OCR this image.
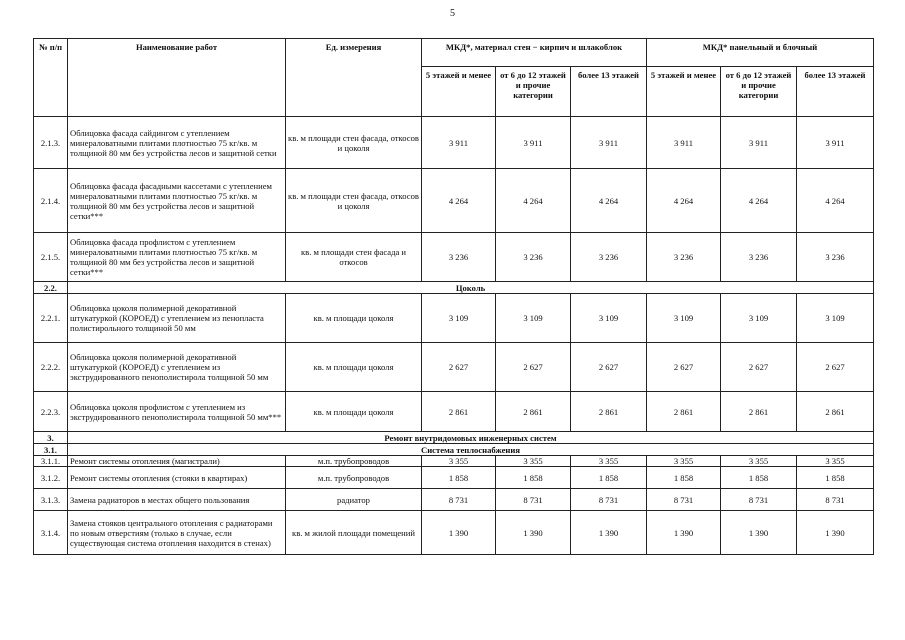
5
№ п/п	Наименование работ	Ед. измерения	МКД*, материал стен − кирпич и шлакоблок			МКД* панельный и блочный		
			5 этажей и менее	от 6 до 12 этажей и прочие категории	более 13 этажей	5 этажей и менее	от 6 до 12 этажей и прочие категории	более 13 этажей
2.1.3.	Облицовка фасада сайдингом с утеплением минераловатными плитами плотностью 75 кг/кв. м толщиной 80 мм без устройства лесов и защитной сетки	кв. м площади стен фасада, откосов и цоколя	3 911	3 911	3 911	3 911	3 911	3 911
2.1.4.	Облицовка фасада фасадными кассетами с утеплением минераловатными плитами плотностью 75 кг/кв. м толщиной 80 мм без устройства лесов и защитной сетки***	кв. м площади стен фасада, откосов и цоколя	4 264	4 264	4 264	4 264	4 264	4 264
2.1.5.	Облицовка фасада профлистом с утеплением минераловатными плитами плотностью 75 кг/кв. м толщиной 80 мм без устройства лесов и защитной сетки***	кв. м площади стен фасада и откосов	3 236	3 236	3 236	3 236	3 236	3 236
2.2.	Цоколь							
2.2.1.	Облицовка цоколя полимерной декоративной штукатуркой (КОРОЕД) с утеплением из пенопласта полистирольного толщиной 50 мм	кв. м площади цоколя	3 109	3 109	3 109	3 109	3 109	3 109
2.2.2.	Облицовка цоколя полимерной декоративной штукатуркой (КОРОЕД) с утеплением из экструдированного пенополистирола толщиной 50 мм	кв. м площади цоколя	2 627	2 627	2 627	2 627	2 627	2 627
2.2.3.	Облицовка цоколя профлистом с утеплением из экструдированного пенополистирола толщиной 50 мм***	кв. м площади цоколя	2 861	2 861	2 861	2 861	2 861	2 861
3.	Ремонт внутридомовых инженерных систем							
3.1.	Система теплоснабжения							
3.1.1.	Ремонт системы отопления (магистрали)	м.п. трубопроводов	3 355	3 355	3 355	3 355	3 355	3 355
3.1.2.	Ремонт системы отопления (стояки в квартирах)	м.п. трубопроводов	1 858	1 858	1 858	1 858	1 858	1 858
3.1.3.	Замена радиаторов в местах общего пользования	радиатор	8 731	8 731	8 731	8 731	8 731	8 731
3.1.4.	Замена стояков центрального отопления с радиаторами по новым отверстиям (только в случае, если существующая система отопления находится в стенах)	кв. м жилой площади помещений	1 390	1 390	1 390	1 390	1 390	1 390
